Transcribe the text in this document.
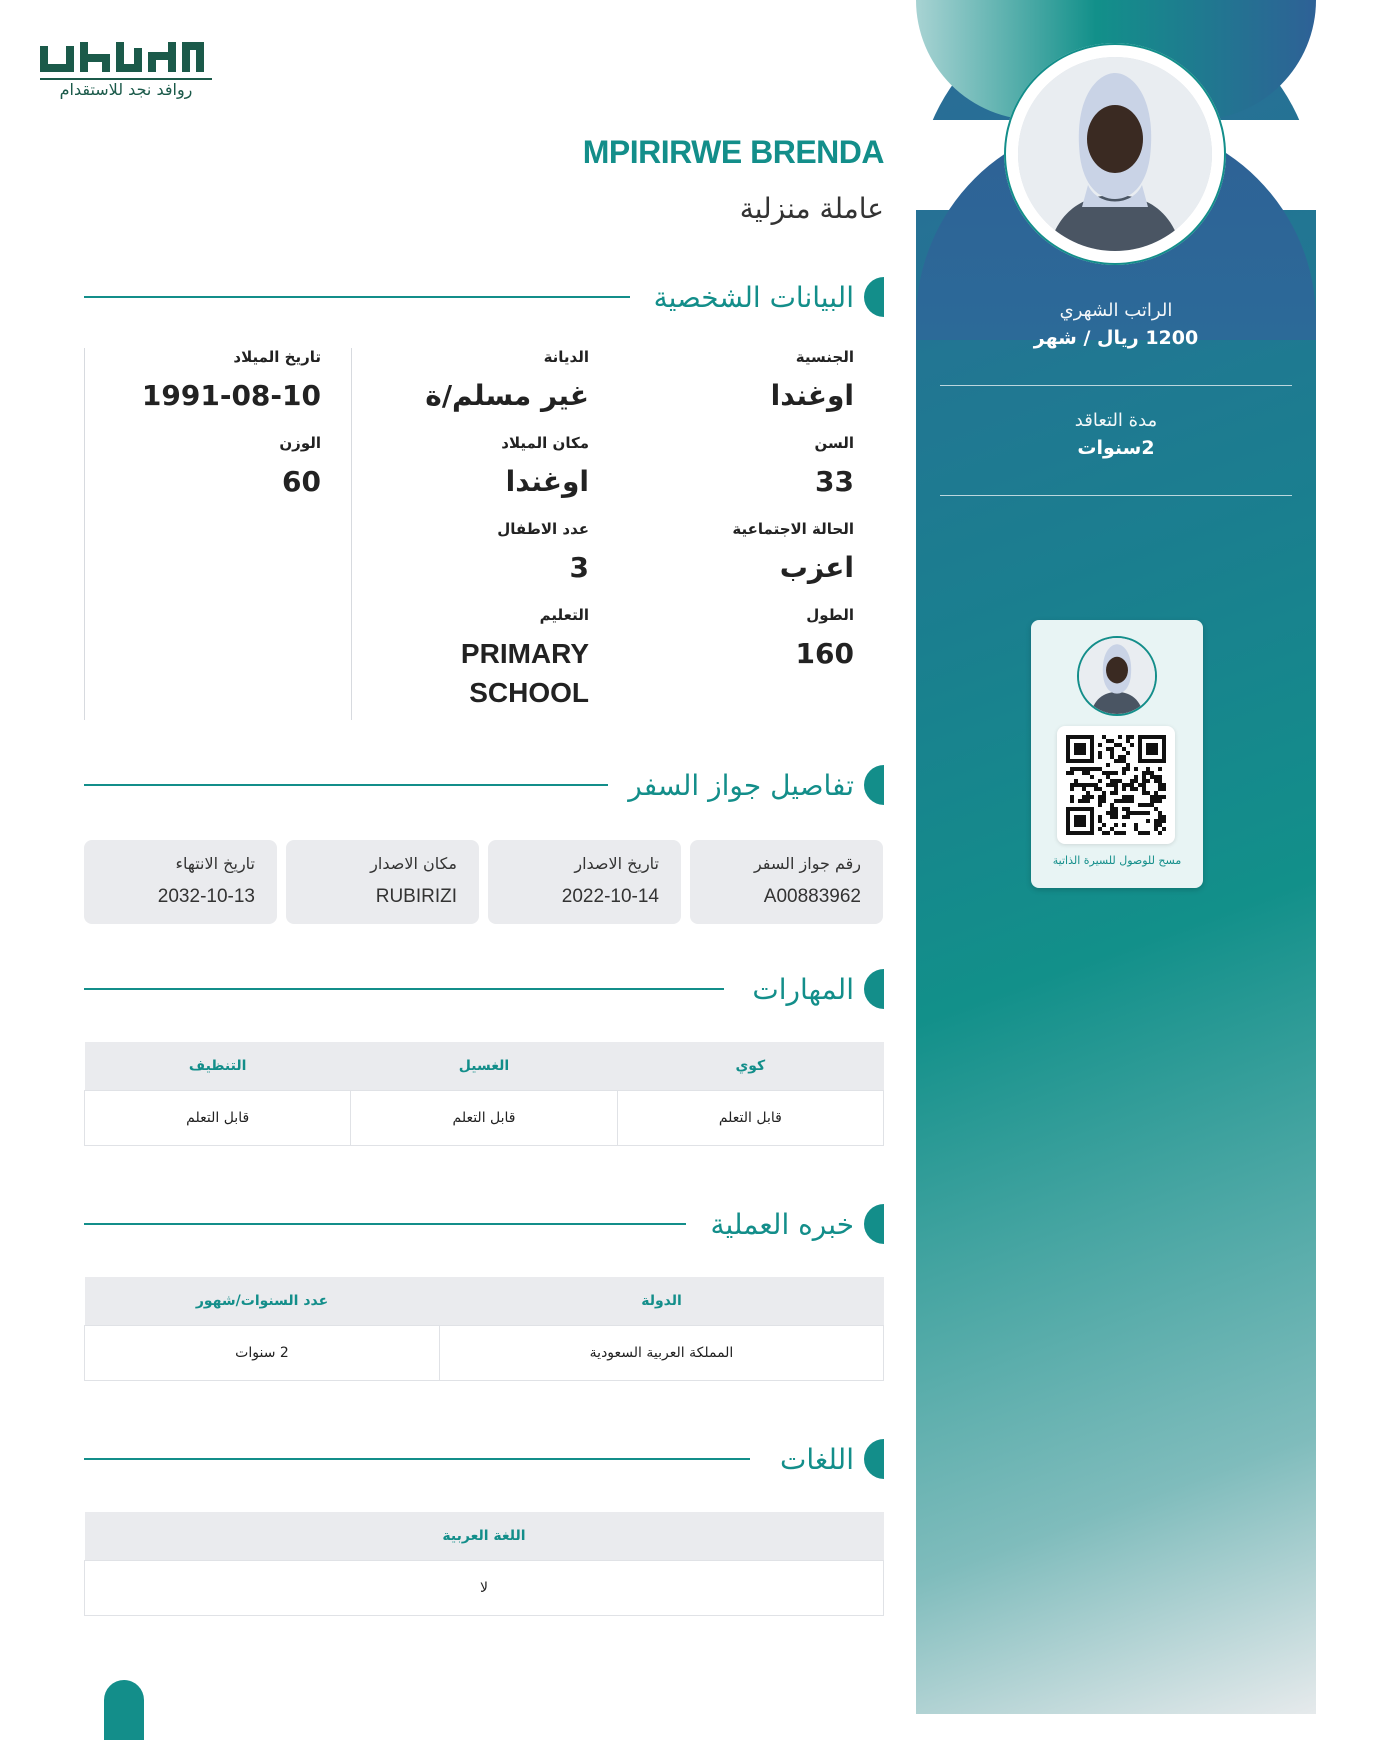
روافد نجد للاستقدام
الراتب الشهري
1200 ريال / شهر
مدة التعاقد
2سنوات
مسح للوصول للسيرة الذاتية
MPIRIRWE BRENDA
عاملة منزلية
البيانات الشخصية
الجنسية
اوغندا
السن
33
الحالة الاجتماعية
اعزب
الطول
160
الديانة
غير مسلم/ة
مكان الميلاد
اوغندا
عدد الاطفال
3
التعليم
PRIMARY SCHOOL
تاريخ الميلاد
1991-08-10
الوزن
60
تفاصيل جواز السفر
رقم جواز السفر
A00883962
تاريخ الاصدار
2022-10-14
مكان الاصدار
RUBIRIZI
تاريخ الانتهاء
2032-10-13
المهارات
كوي	الغسيل	التنظيف
قابل التعلم	قابل التعلم	قابل التعلم
خبره العملية
الدولة	عدد السنوات/شهور
المملكة العربية السعودية	2 سنوات
اللغات
اللغة العربية
لا
